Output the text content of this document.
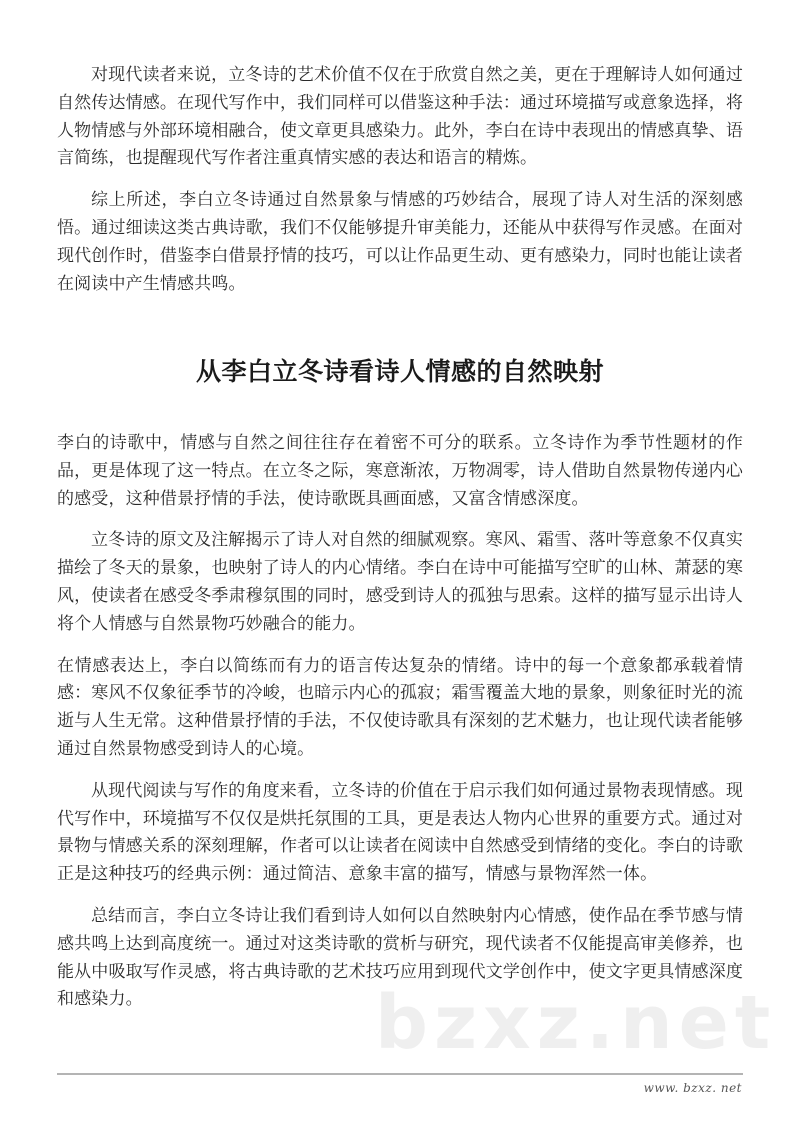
对现代读者来说，立冬诗的艺术价值不仅在于欣赏自然之美，更在于理解诗人如何通过自然传达情感。在现代写作中，我们同样可以借鉴这种手法：通过环境描写或意象选择，将人物情感与外部环境相融合，使文章更具感染力。此外，李白在诗中表现出的情感真挚、语言简练，也提醒现代写作者注重真情实感的表达和语言的精炼。

综上所述，李白立冬诗通过自然景象与情感的巧妙结合，展现了诗人对生活的深刻感悟。通过细读这类古典诗歌，我们不仅能够提升审美能力，还能从中获得写作灵感。在面对现代创作时，借鉴李白借景抒情的技巧，可以让作品更生动、更有感染力，同时也能让读者在阅读中产生情感共鸣。

从李白立冬诗看诗人情感的自然映射

李白的诗歌中，情感与自然之间往往存在着密不可分的联系。立冬诗作为季节性题材的作品，更是体现了这一特点。在立冬之际，寒意渐浓，万物凋零，诗人借助自然景物传递内心的感受，这种借景抒情的手法，使诗歌既具画面感，又富含情感深度。

立冬诗的原文及注解揭示了诗人对自然的细腻观察。寒风、霜雪、落叶等意象不仅真实描绘了冬天的景象，也映射了诗人的内心情绪。李白在诗中可能描写空旷的山林、萧瑟的寒风，使读者在感受冬季肃穆氛围的同时，感受到诗人的孤独与思索。这样的描写显示出诗人将个人情感与自然景物巧妙融合的能力。

在情感表达上，李白以简练而有力的语言传达复杂的情绪。诗中的每一个意象都承载着情感：寒风不仅象征季节的冷峻，也暗示内心的孤寂；霜雪覆盖大地的景象，则象征时光的流逝与人生无常。这种借景抒情的手法，不仅使诗歌具有深刻的艺术魅力，也让现代读者能够通过自然景物感受到诗人的心境。

从现代阅读与写作的角度来看，立冬诗的价值在于启示我们如何通过景物表现情感。现代写作中，环境描写不仅仅是烘托氛围的工具，更是表达人物内心世界的重要方式。通过对景物与情感关系的深刻理解，作者可以让读者在阅读中自然感受到情绪的变化。李白的诗歌正是这种技巧的经典示例：通过简洁、意象丰富的描写，情感与景物浑然一体。

总结而言，李白立冬诗让我们看到诗人如何以自然映射内心情感，使作品在季节感与情感共鸣上达到高度统一。通过对这类诗歌的赏析与研究，现代读者不仅能提高审美修养，也能从中吸取写作灵感，将古典诗歌的艺术技巧应用到现代文学创作中，使文字更具情感深度和感染力。	bzxz.net
www. bzxz. net
